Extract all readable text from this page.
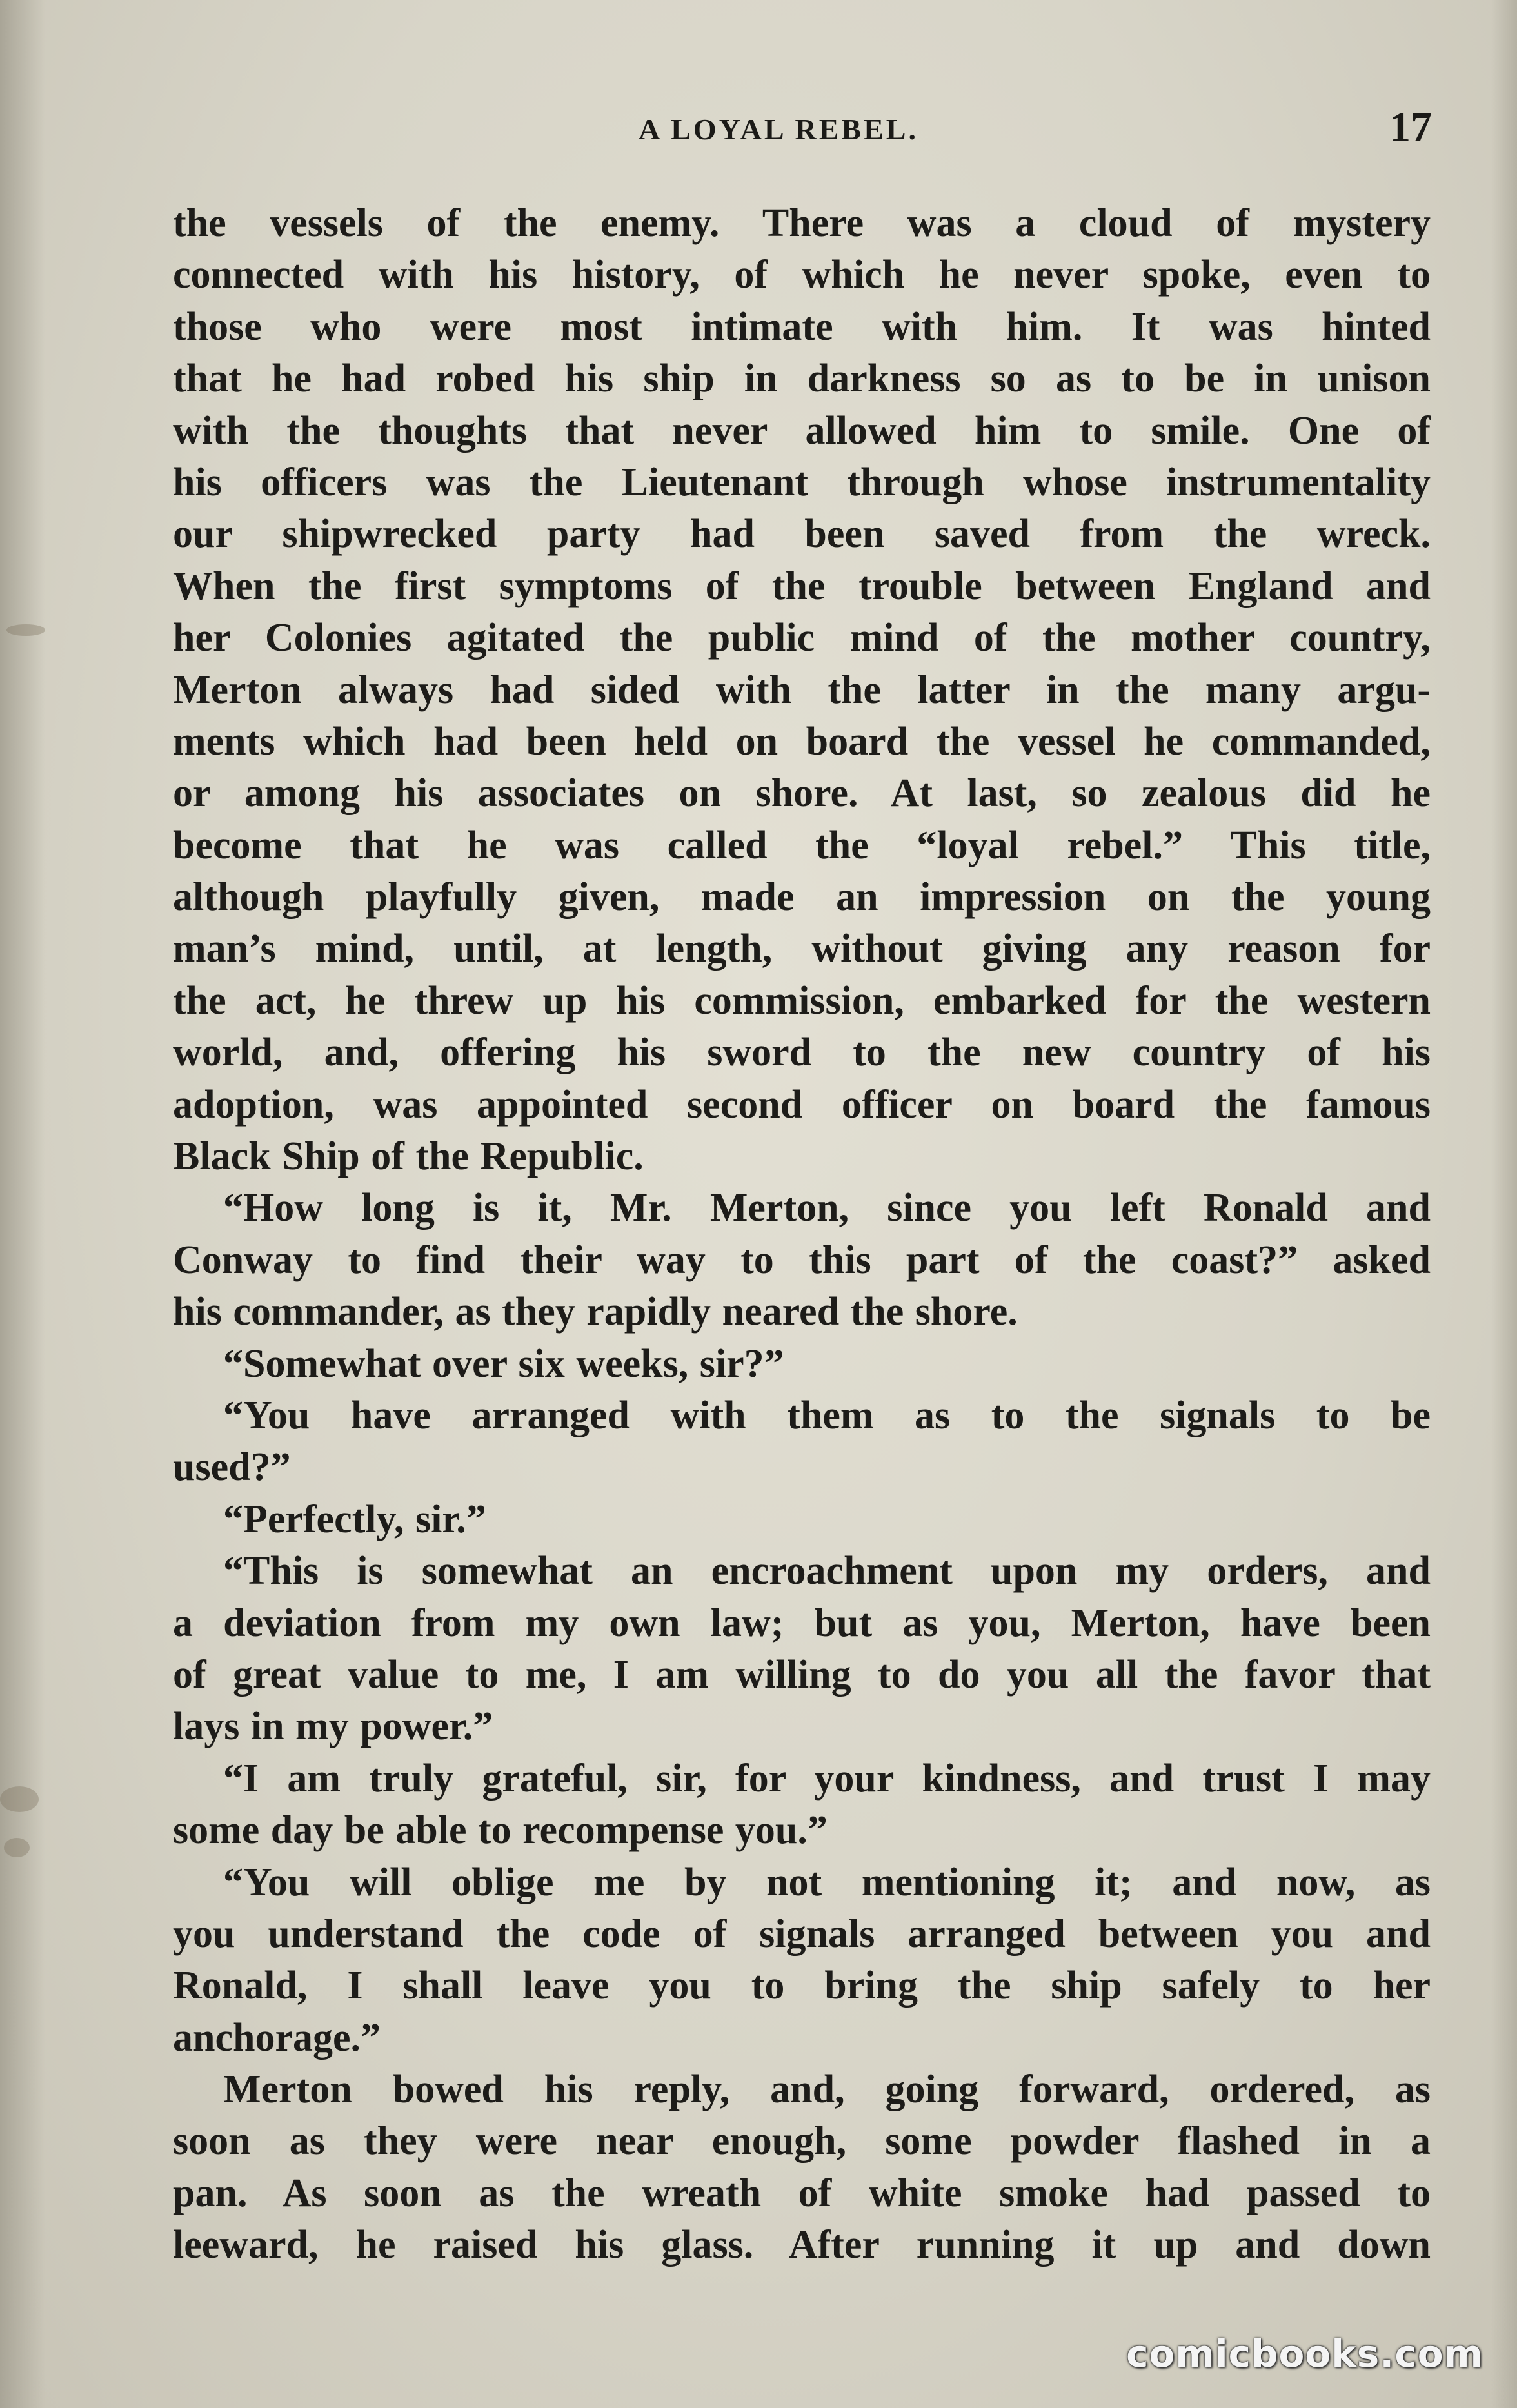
A LOYAL REBEL.	17
the vessels of the enemy. There was a cloud of mystery
connected with his history, of which he never spoke, even to
those who were most intimate with him. It was hinted
that he had robed his ship in darkness so as to be in unison
with the thoughts that never allowed him to smile. One of
his officers was the Lieutenant through whose instrumentality
our shipwrecked party had been saved from the wreck.
When the first symptoms of the trouble between England and
her Colonies agitated the public mind of the mother country,
Merton always had sided with the latter in the many argu-
ments which had been held on board the vessel he commanded,
or among his associates on shore. At last, so zealous did he
become that he was called the “loyal rebel.” This title,
although playfully given, made an impression on the young
man’s mind, until, at length, without giving any reason for
the act, he threw up his commission, embarked for the western
world, and, offering his sword to the new country of his
adoption, was appointed second officer on board the famous
Black Ship of the Republic.
“How long is it, Mr. Merton, since you left Ronald and
Conway to find their way to this part of the coast?” asked
his commander, as they rapidly neared the shore.
“Somewhat over six weeks, sir?”
“You have arranged with them as to the signals to be
used?”
“Perfectly, sir.”
“This is somewhat an encroachment upon my orders, and
a deviation from my own law; but as you, Merton, have been
of great value to me, I am willing to do you all the favor that
lays in my power.”
“I am truly grateful, sir, for your kindness, and trust I may
some day be able to recompense you.”
“You will oblige me by not mentioning it; and now, as
you understand the code of signals arranged between you and
Ronald, I shall leave you to bring the ship safely to her
anchorage.”
Merton bowed his reply, and, going forward, ordered, as
soon as they were near enough, some powder flashed in a
pan. As soon as the wreath of white smoke had passed to
leeward, he raised his glass. After running it up and down
comicbooks.com
